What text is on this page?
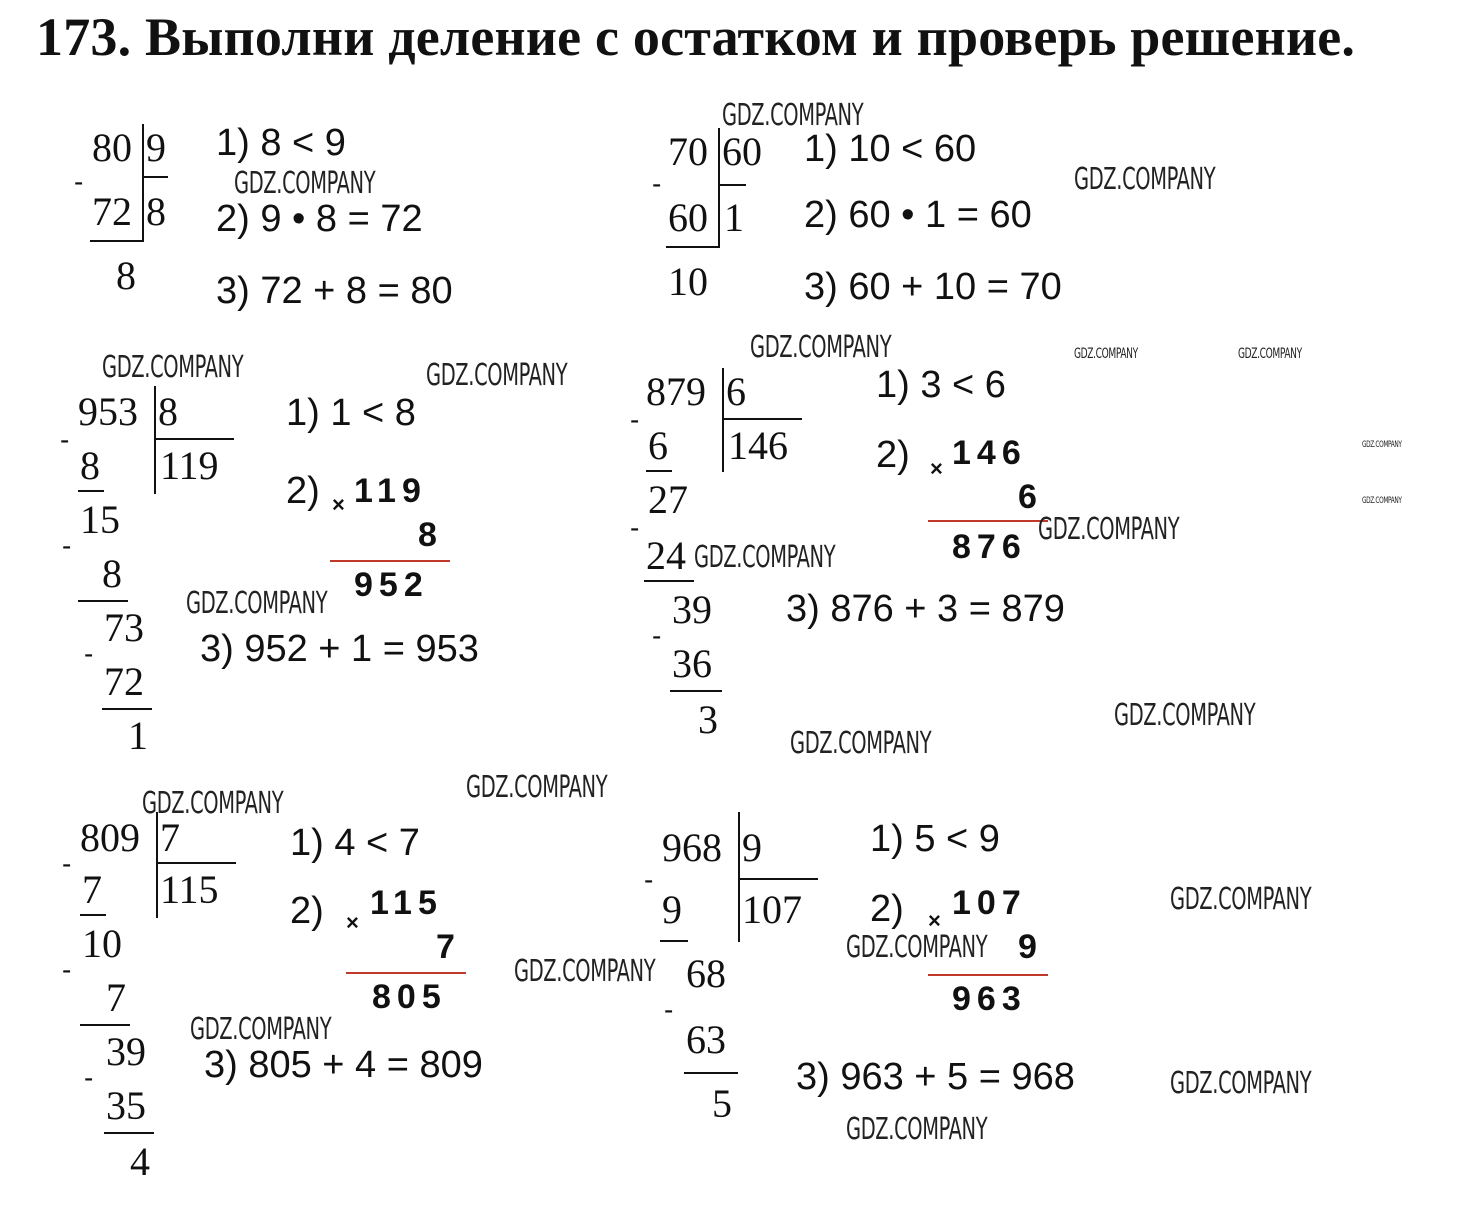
173. Выполни деление с остатком и проверь решение.
80 9
-
72 8
8
1) 8 < 9
2) 9 • 8 = 72
3) 72 + 8 = 80
70 60
-
60 1
10
1) 10 < 60
2) 60 • 1 = 60
3) 60 + 10 = 70
953 8
119
-
8
15
-
8
73
-
72
1
1) 1 < 8
2) × 119
8
952
3) 952 + 1 = 953
879 6
146
-
6
27
-
24
39
-
36
3
1) 3 < 6
2) × 146
6
876
3) 876 + 3 = 879
809 7
115
-
7
10
-
7
39
-
35
4
1) 4 < 7
2) ×
115
7
805
3) 805 + 4 = 809
968 9
107
-
9
68
-
63
5
1) 5 < 9
2) × 107
9
963
3) 963 + 5 = 968
GDZ.COMPANY
GDZ.COMPANY	GDZ.COMPANY
GDZ.COMPANY	GDZ.COMPANY
GDZ.COMPANY	GDZ.COMPANY	GDZ.COMPANY
GDZ.COMPANY
GDZ.COMPANY
GDZ.COMPANY
GDZ.COMPANY
GDZ.COMPANY
GDZ.COMPANY
GDZ.COMPANY
GDZ.COMPANY
GDZ.COMPANY
GDZ.COMPANY
GDZ.COMPANY
GDZ.COMPANY
GDZ.COMPANY
GDZ.COMPANY
GDZ.COMPANY
